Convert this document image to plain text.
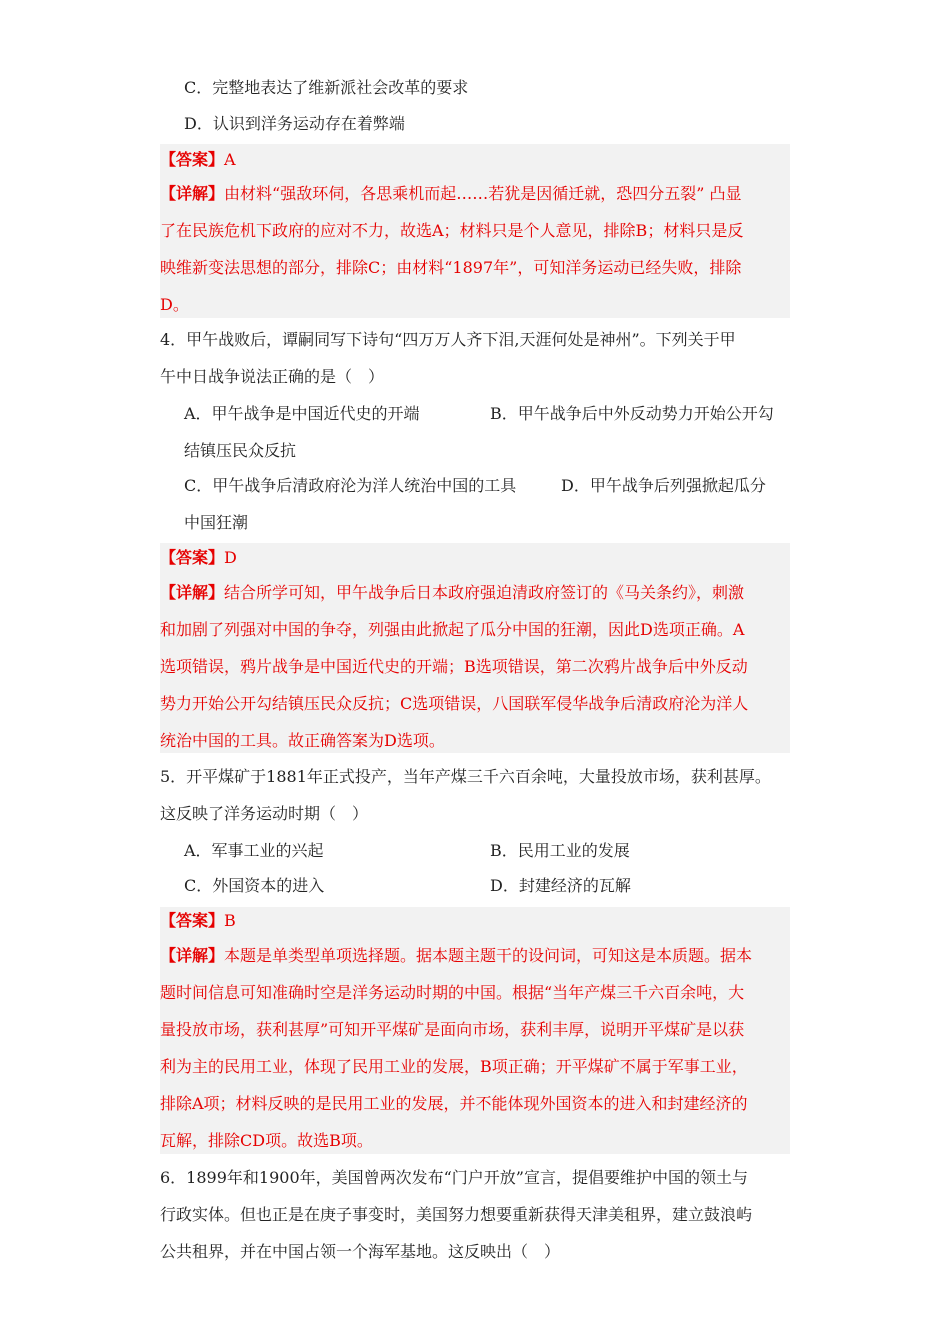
C．完整地表达了维新派社会改革的要求
D．认识到洋务运动存在着弊端
【答案】A
【详解】由材料“强敌环伺，各思乘机而起……若犹是因循迁就，恐四分五裂” 凸显
了在民族危机下政府的应对不力，故选A；材料只是个人意见，排除B；材料只是反
映维新变法思想的部分，排除C；由材料“1897年”，可知洋务运动已经失败，排除
D。
4．甲午战败后，谭嗣同写下诗句“四万万人齐下泪,天涯何处是神州”。下列关于甲
午中日战争说法正确的是（　）
A．甲午战争是中国近代史的开端	B．甲午战争后中外反动势力开始公开勾
结镇压民众反抗
C．甲午战争后清政府沦为洋人统治中国的工具	D．甲午战争后列强掀起瓜分
中国狂潮
【答案】D
【详解】结合所学可知，甲午战争后日本政府强迫清政府签订的《马关条约》，刺激
和加剧了列强对中国的争夺，列强由此掀起了瓜分中国的狂潮，因此D选项正确。A
选项错误，鸦片战争是中国近代史的开端；B选项错误，第二次鸦片战争后中外反动
势力开始公开勾结镇压民众反抗；C选项错误，八国联军侵华战争后清政府沦为洋人
统治中国的工具。故正确答案为D选项。
5．开平煤矿于1881年正式投产，当年产煤三千六百余吨，大量投放市场，获利甚厚。
这反映了洋务运动时期（　）
A．军事工业的兴起	B．民用工业的发展
C．外国资本的进入	D．封建经济的瓦解
【答案】B
【详解】本题是单类型单项选择题。据本题主题干的设问词，可知这是本质题。据本
题时间信息可知准确时空是洋务运动时期的中国。根据“当年产煤三千六百余吨，大
量投放市场，获利甚厚”可知开平煤矿是面向市场，获利丰厚，说明开平煤矿是以获
利为主的民用工业，体现了民用工业的发展，B项正确；开平煤矿不属于军事工业，
排除A项；材料反映的是民用工业的发展，并不能体现外国资本的进入和封建经济的
瓦解，排除CD项。故选B项。
6．1899年和1900年，美国曾两次发布“门户开放”宣言，提倡要维护中国的领土与
行政实体。但也正是在庚子事变时，美国努力想要重新获得天津美租界，建立鼓浪屿
公共租界，并在中国占领一个海军基地。这反映出（　）
